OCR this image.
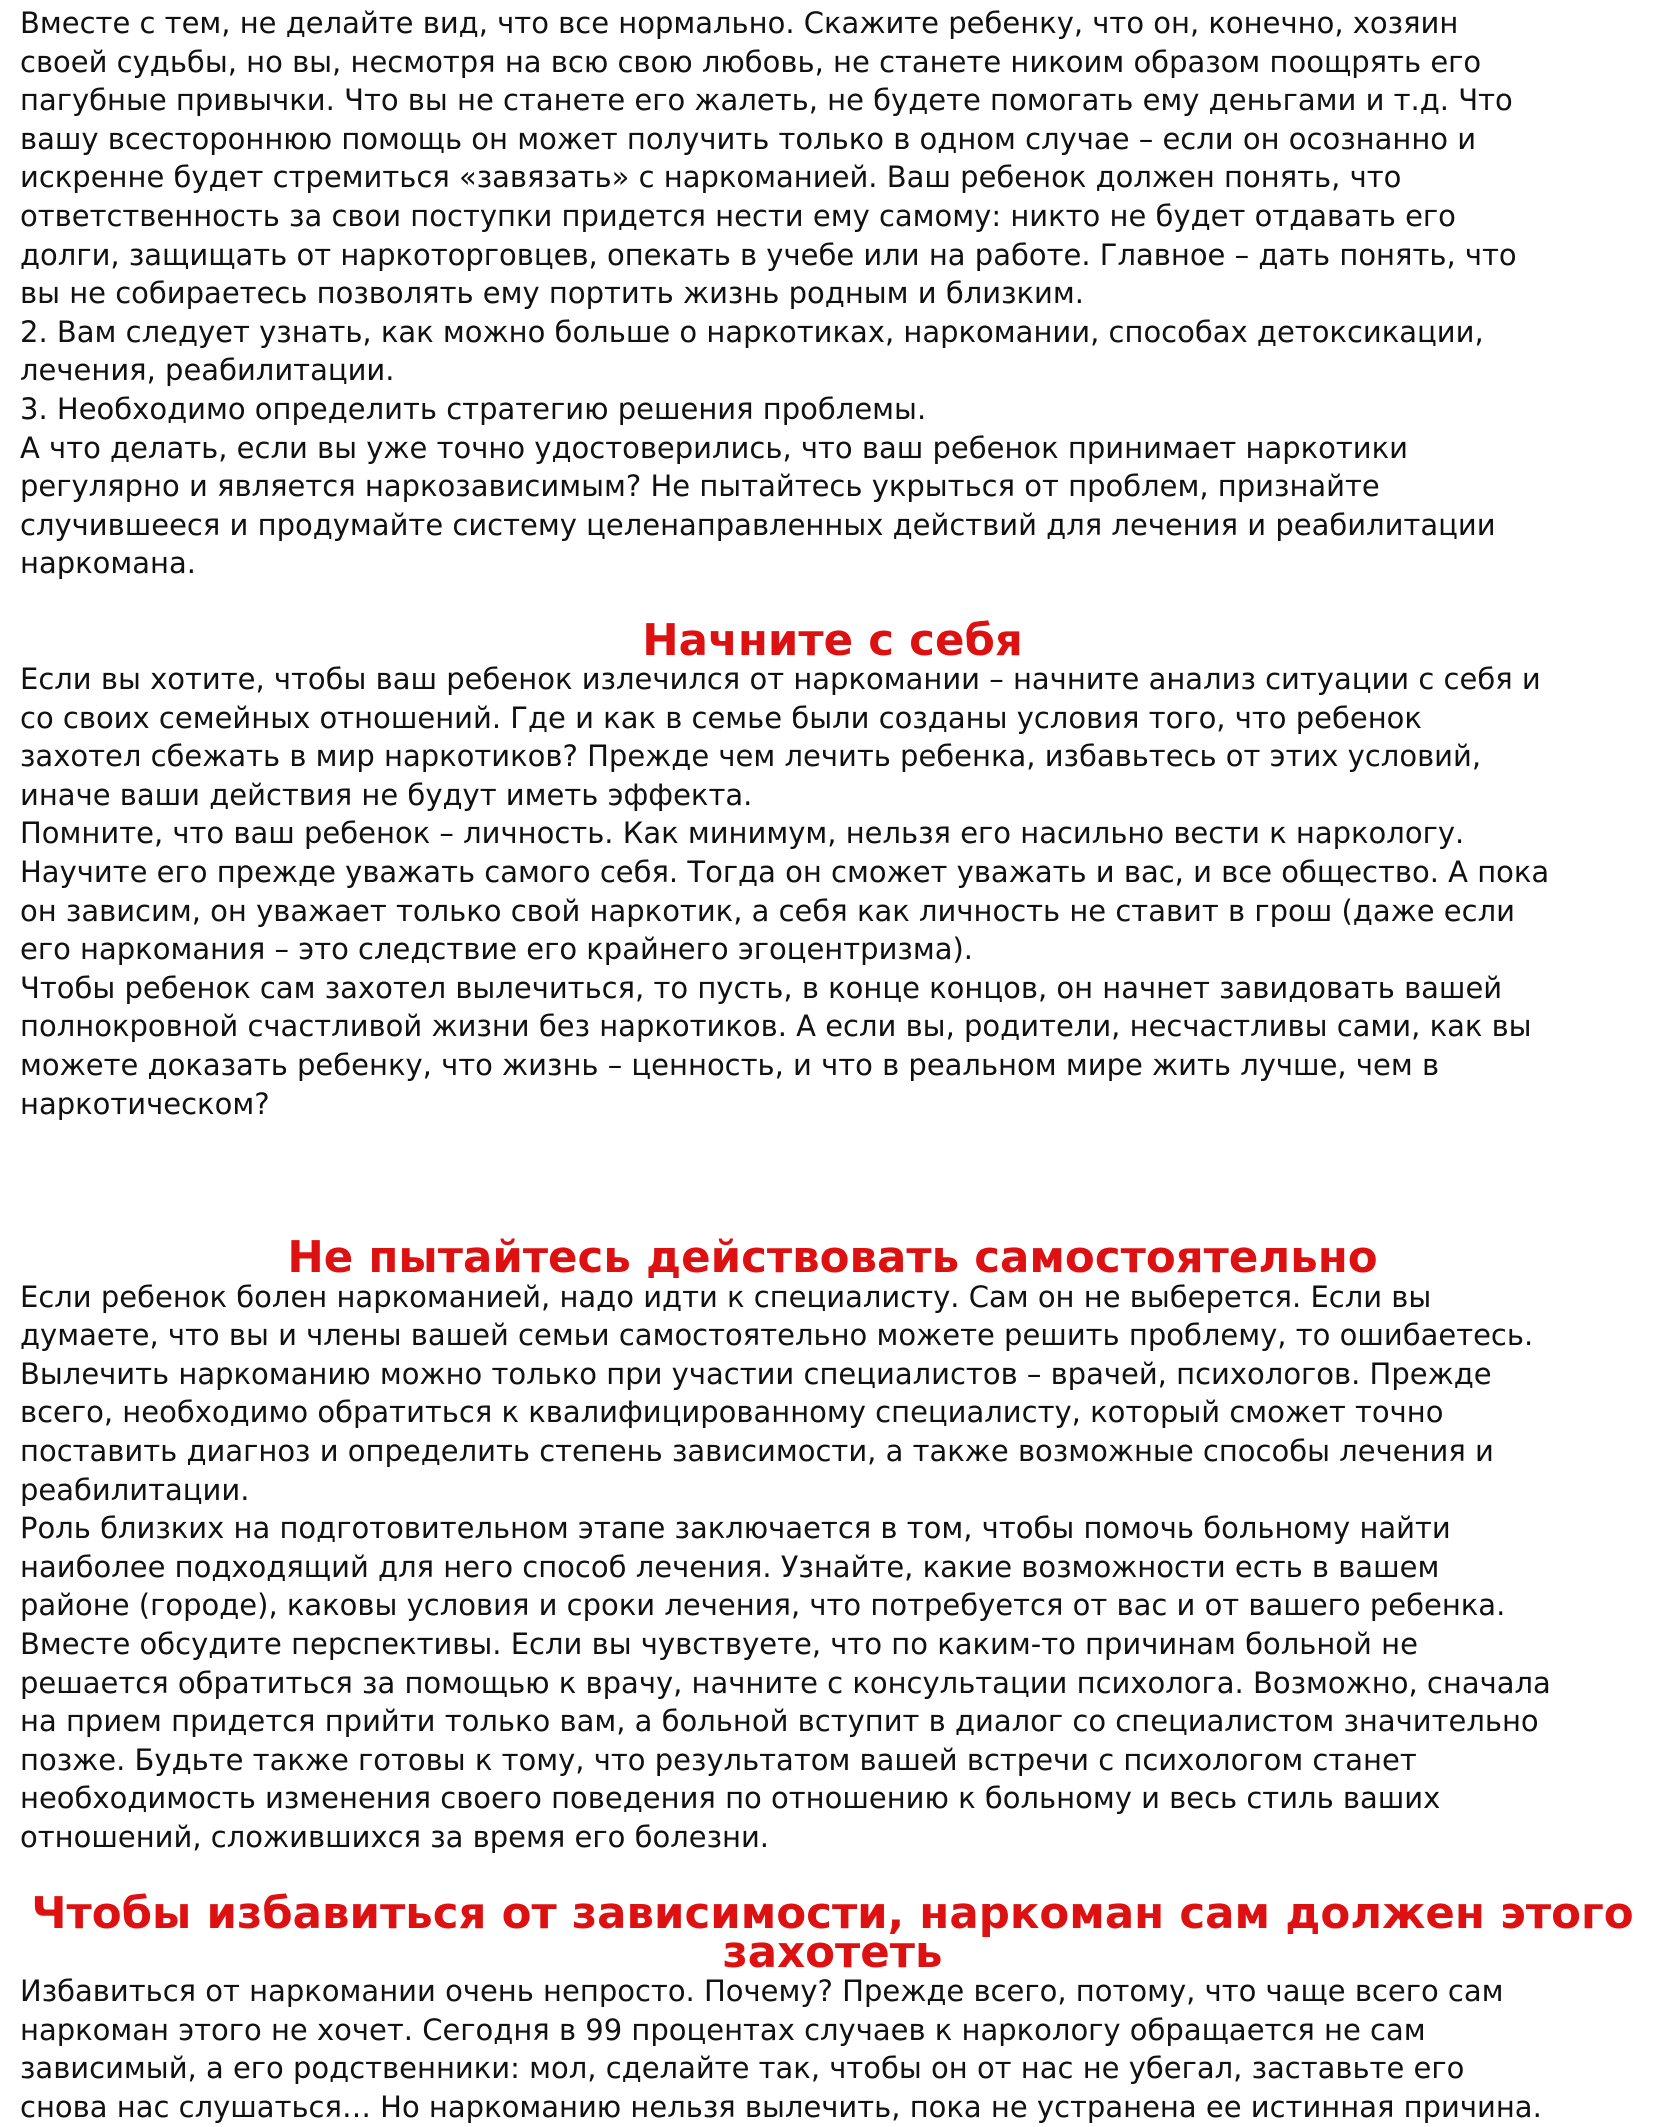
Вместе с тем, не делайте вид, что все нормально. Скажите ребенку, что он, конечно, хозяин
своей судьбы, но вы, несмотря на всю свою любовь, не станете никоим образом поощрять его
пагубные привычки. Что вы не станете его жалеть, не будете помогать ему деньгами и т.д. Что
вашу всестороннюю помощь он может получить только в одном случае – если он осознанно и
искренне будет стремиться «завязать» с наркоманией. Ваш ребенок должен понять, что
ответственность за свои поступки придется нести ему самому: никто не будет отдавать его
долги, защищать от наркоторговцев, опекать в учебе или на работе. Главное – дать понять, что
вы не собираетесь позволять ему портить жизнь родным и близким.

2. Вам следует узнать, как можно больше о наркотиках, наркомании, способах детоксикации,
лечения, реабилитации.

3. Необходимо определить стратегию решения проблемы.

А что делать, если вы уже точно удостоверились, что ваш ребенок принимает наркотики
регулярно и является наркозависимым? Не пытайтесь укрыться от проблем, признайте
случившееся и продумайте систему целенаправленных действий для лечения и реабилитации
наркомана.

Начните с себя

Если вы хотите, чтобы ваш ребенок излечился от наркомании – начните анализ ситуации с себя и
со своих семейных отношений. Где и как в семье были созданы условия того, что ребенок
захотел сбежать в мир наркотиков? Прежде чем лечить ребенка, избавьтесь от этих условий,
иначе ваши действия не будут иметь эффекта.

Помните, что ваш ребенок – личность. Как минимум, нельзя его насильно вести к наркологу.
Научите его прежде уважать самого себя. Тогда он сможет уважать и вас, и все общество. А пока
он зависим, он уважает только свой наркотик, а себя как личность не ставит в грош (даже если
его наркомания – это следствие его крайнего эгоцентризма).

Чтобы ребенок сам захотел вылечиться, то пусть, в конце концов, он начнет завидовать вашей
полнокровной счастливой жизни без наркотиков. А если вы, родители, несчастливы сами, как вы
можете доказать ребенку, что жизнь – ценность, и что в реальном мире жить лучше, чем в
наркотическом?

Не пытайтесь действовать самостоятельно

Если ребенок болен наркоманией, надо идти к специалисту. Сам он не выберется. Если вы
думаете, что вы и члены вашей семьи самостоятельно можете решить проблему, то ошибаетесь.
Вылечить наркоманию можно только при участии специалистов – врачей, психологов. Прежде
всего, необходимо обратиться к квалифицированному специалисту, который сможет точно
поставить диагноз и определить степень зависимости, а также возможные способы лечения и
реабилитации.

Роль близких на подготовительном этапе заключается в том, чтобы помочь больному найти
наиболее подходящий для него способ лечения. Узнайте, какие возможности есть в вашем
районе (городе), каковы условия и сроки лечения, что потребуется от вас и от вашего ребенка.
Вместе обсудите перспективы. Если вы чувствуете, что по каким-то причинам больной не
решается обратиться за помощью к врачу, начните с консультации психолога. Возможно, сначала
на прием придется прийти только вам, а больной вступит в диалог со специалистом значительно
позже. Будьте также готовы к тому, что результатом вашей встречи с психологом станет
необходимость изменения своего поведения по отношению к больному и весь стиль ваших
отношений, сложившихся за время его болезни.

Чтобы избавиться от зависимости, наркоман сам должен этого захотеть

Избавиться от наркомании очень непросто. Почему? Прежде всего, потому, что чаще всего сам
наркоман этого не хочет. Сегодня в 99 процентах случаев к наркологу обращается не сам
зависимый, а его родственники: мол, сделайте так, чтобы он от нас не убегал, заставьте его
снова нас слушаться… Но наркоманию нельзя вылечить, пока не устранена ее истинная причина.
